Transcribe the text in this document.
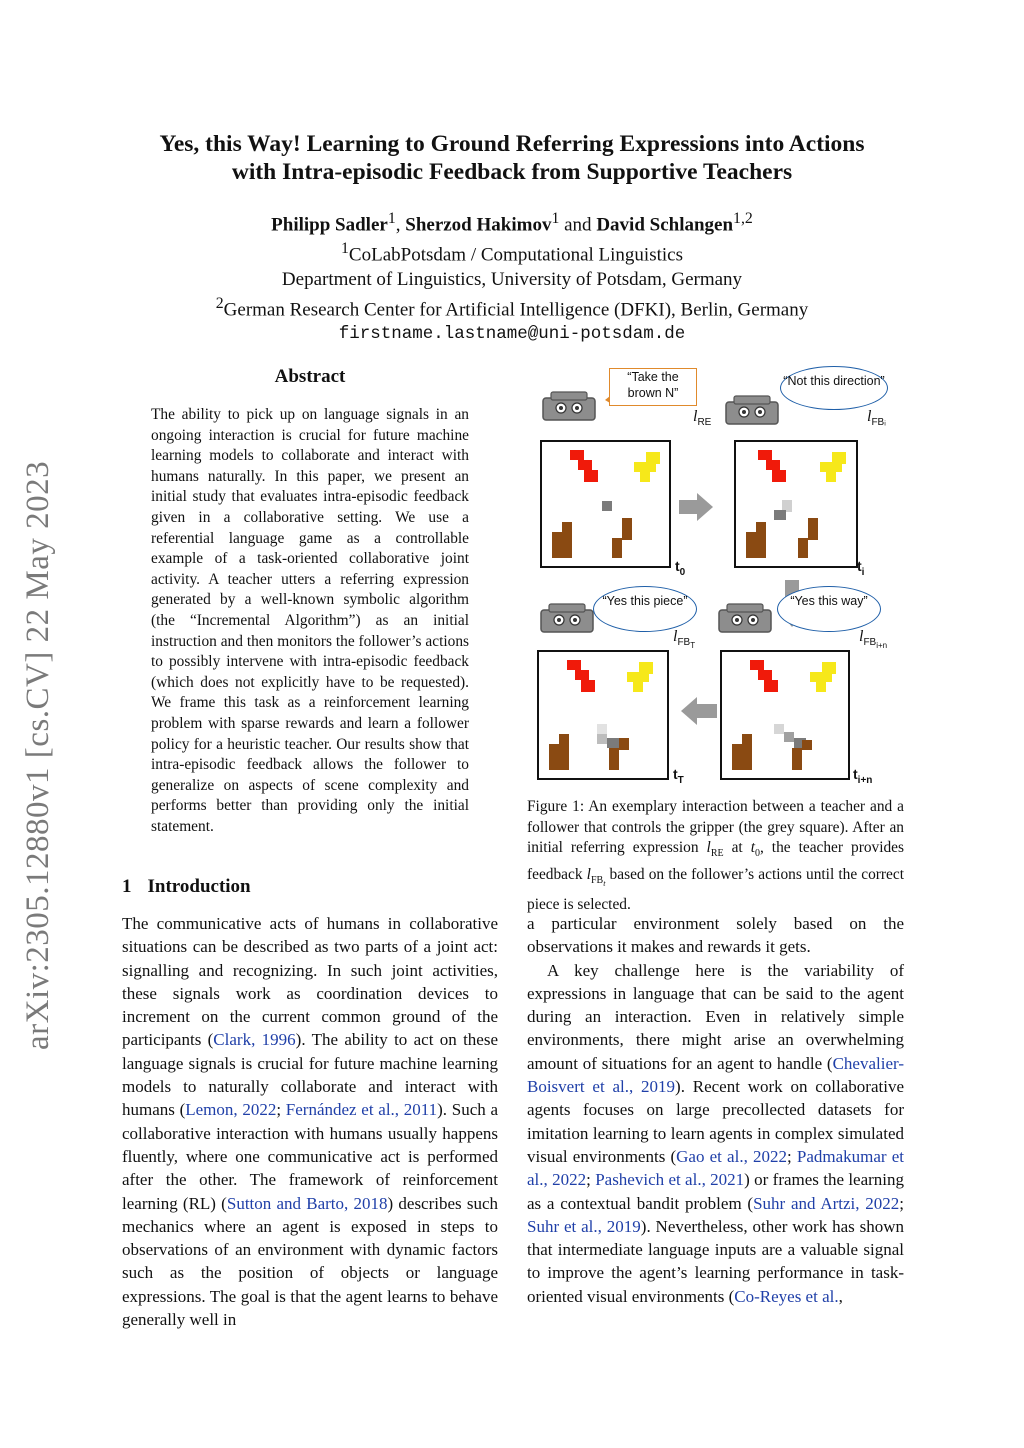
arXiv:2305.12880v1 [cs.CV] 22 May 2023
Yes, this Way! Learning to Ground Referring Expressions into Actions
with Intra-episodic Feedback from Supportive Teachers
Philipp Sadler$^1$, Sherzod Hakimov$^1$ and David Schlangen$^{1,2}$
$^1$CoLabPotsdam / Computational Linguistics
Department of Linguistics, University of Potsdam, Germany
$^2$German Research Center for Artificial Intelligence (DFKI), Berlin, Germany
firstname.lastname@uni-potsdam.de
Abstract
The ability to pick up on language signals in an ongoing interaction is crucial for future machine learning models to collaborate and interact with humans naturally. In this paper, we present an initial study that evaluates intra-episodic feedback given in a collaborative setting. We use a referential language game as a controllable example of a task-oriented collaborative joint activity. A teacher utters a referring expression generated by a well-known symbolic algorithm (the “Incremental Algorithm”) as an initial instruction and then monitors the follower’s actions to possibly intervene with intra-episodic feedback (which does not explicitly have to be requested). We frame this task as a reinforcement learning problem with sparse rewards and learn a follower policy for a heuristic teacher. Our results show that intra-episodic feedback allows the follower to generalize on aspects of scene complexity and performs better than providing only the initial statement.
1 Introduction

The communicative acts of humans in collaborative situations can be described as two parts of a joint act: signalling and recognizing. In such joint activities, these signals work as coordination devices to increment on the current common ground of the participants (Clark, 1996). The ability to act on these language signals is crucial for future machine learning models to naturally collaborate and interact with humans (Lemon, 2022; Fernández et al., 2011). Such a collaborative interaction with humans usually happens fluently, where one communicative act is performed after the other. The framework of reinforcement learning (RL) (Sutton and Barto, 2018) describes such mechanics where an agent is exposed in steps to observations of an environment with dynamic factors such as the position of objects or language expressions. The goal is that the agent learns to behave generally well in

“Take the brown N”
“Not this direction”
“Yes this piece”	“Yes this way”
$l_{RE}$	$l_{FBᵢ}$
$l_{FB_T}$
$l_{FB_{i+n}}$
$t_0$	$t_i$
$t_T$	$t_{i+n}$
Figure 1: An exemplary interaction between a teacher and a follower that controls the gripper (the grey square). After an initial referring expression $l_{RE}$ at $t_0$, the teacher provides feedback $l_{FB_t}$ based on the follower’s actions until the correct piece is selected.

a particular environment solely based on the observations it makes and rewards it gets.

A key challenge here is the variability of expressions in language that can be said to the agent during an interaction. Even in relatively simple environments, there might arise an overwhelming amount of situations for an agent to handle (Chevalier-Boisvert et al., 2019). Recent work on collaborative agents focuses on large precollected datasets for imitation learning to learn agents in complex simulated visual environments (Gao et al., 2022; Padmakumar et al., 2022; Pashevich et al., 2021) or frames the learning as a contextual bandit problem (Suhr and Artzi, 2022; Suhr et al., 2019). Nevertheless, other work has shown that intermediate language inputs are a valuable signal to improve the agent’s learning performance in task-oriented visual environments (Co-Reyes et al.,
